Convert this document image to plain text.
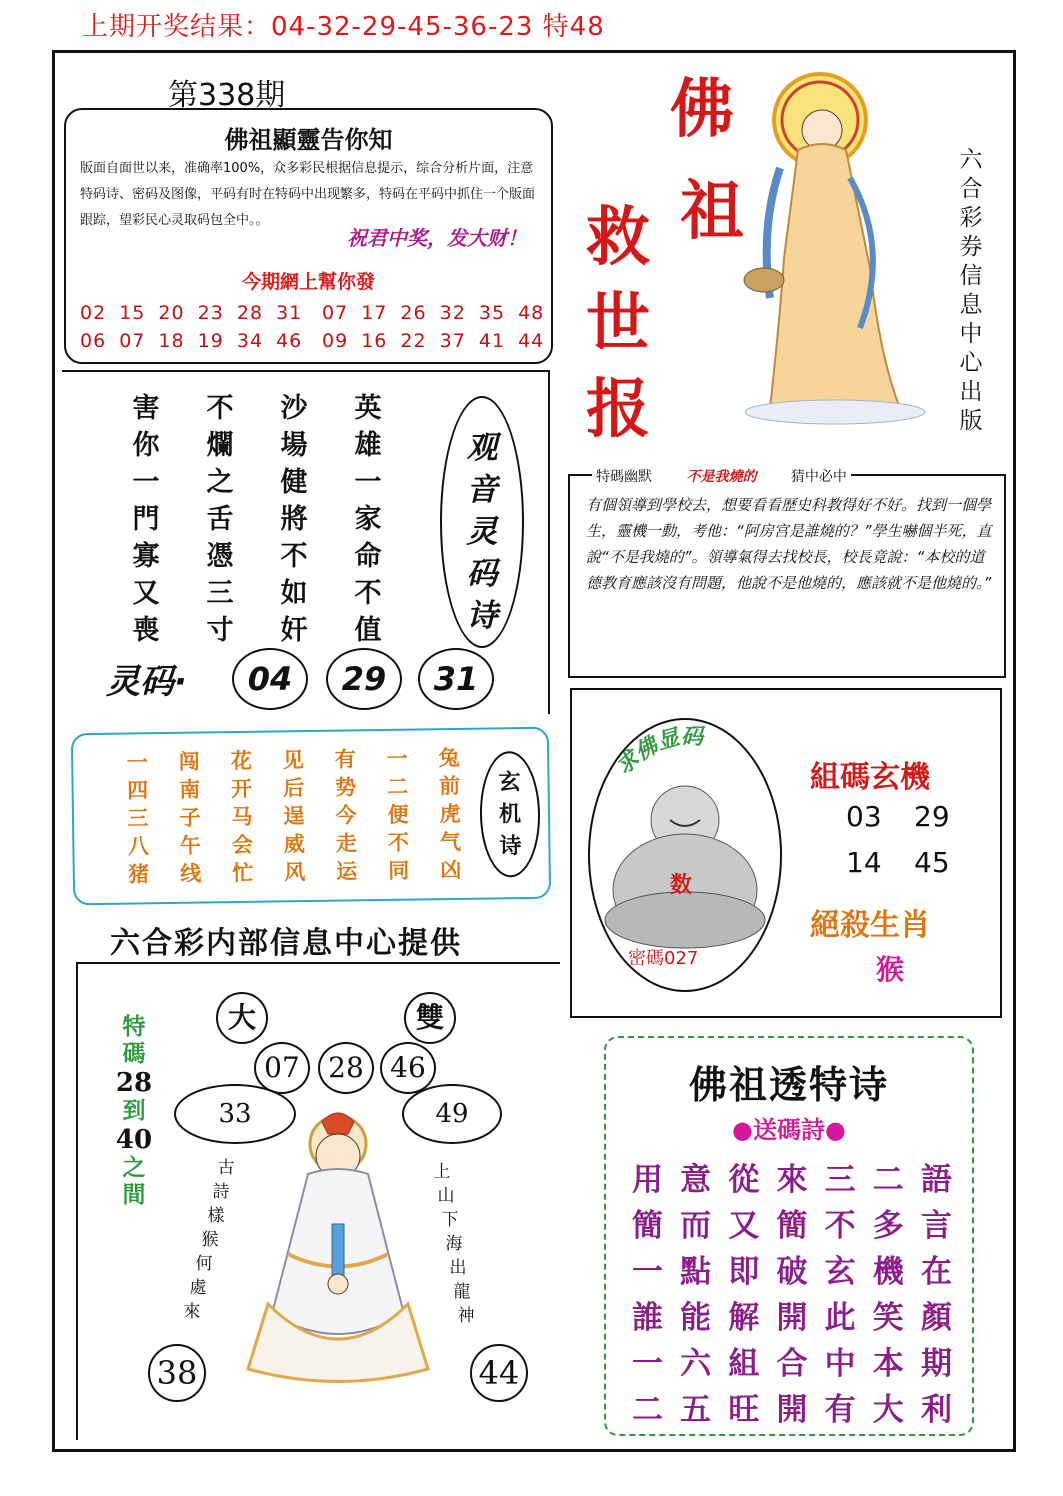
上期开奖结果：04-32-29-45-36-23 特48
第338期
佛祖顯靈告你知
版面自面世以来，准确率100%，众多彩民根据信息提示，综合分析片面，注意特码诗、密码及图像，平码有时在特码中出现繁多，特码在平码中抓住一个版面跟踪，望彩民心灵取码包全中。。
祝君中奖，发大财！
今期網上幫你發
02 15 20 23 28 31 07 17 26 32 35 48
06 07 18 19 34 46 09 16 22 37 41 44
害
你
一
門
寡
又
喪
不
爛
之
舌
憑
三
寸
沙
場
健
將
不
如
奸
英
雄
一
家
命
不
值
观
音
灵
码
诗
灵码·	04	29	31
一
四
三
八
猪
闯
南
子
午
线
花
开
马
会
忙
见
后
逞
威
风
有
势
今
走
运
一
二
便
不
同
兔
前
虎
气
凶
玄
机
诗
六合彩内部信息中心提供
大	雙
07	28 46
33	49
38	44
特
碼
28
到
40
之
間
古
詩
樣
猴
何
處
來
上
山
下
海
出
龍
神
佛
祖
救
世
报
六
合
彩
券
信
息
中
心
出
版
特碼幽默 不是我燒的 猜中必中
有個領導到學校去，想要看看歷史科教得好不好。找到一個學生，靈機一動，考他：“阿房宫是誰燒的？”學生嚇個半死，直說“不是我燒的”。領導氣得去找校長，校長竟說：“本校的道德教育應該沒有問題，他說不是他燒的，應該就不是他燒的。”
求佛显码
数
密碼027
組碼玄機
03 29
14 45
絕殺生肖
猴
佛祖透特诗
●送碼詩●
用 意 從 來 三 二 語
簡 而 又 簡 不 多 言
一 點 即 破 玄 機 在
誰 能 解 開 此 笑 顏
一 六 組 合 中 本 期
二 五 旺 開 有 大 利
